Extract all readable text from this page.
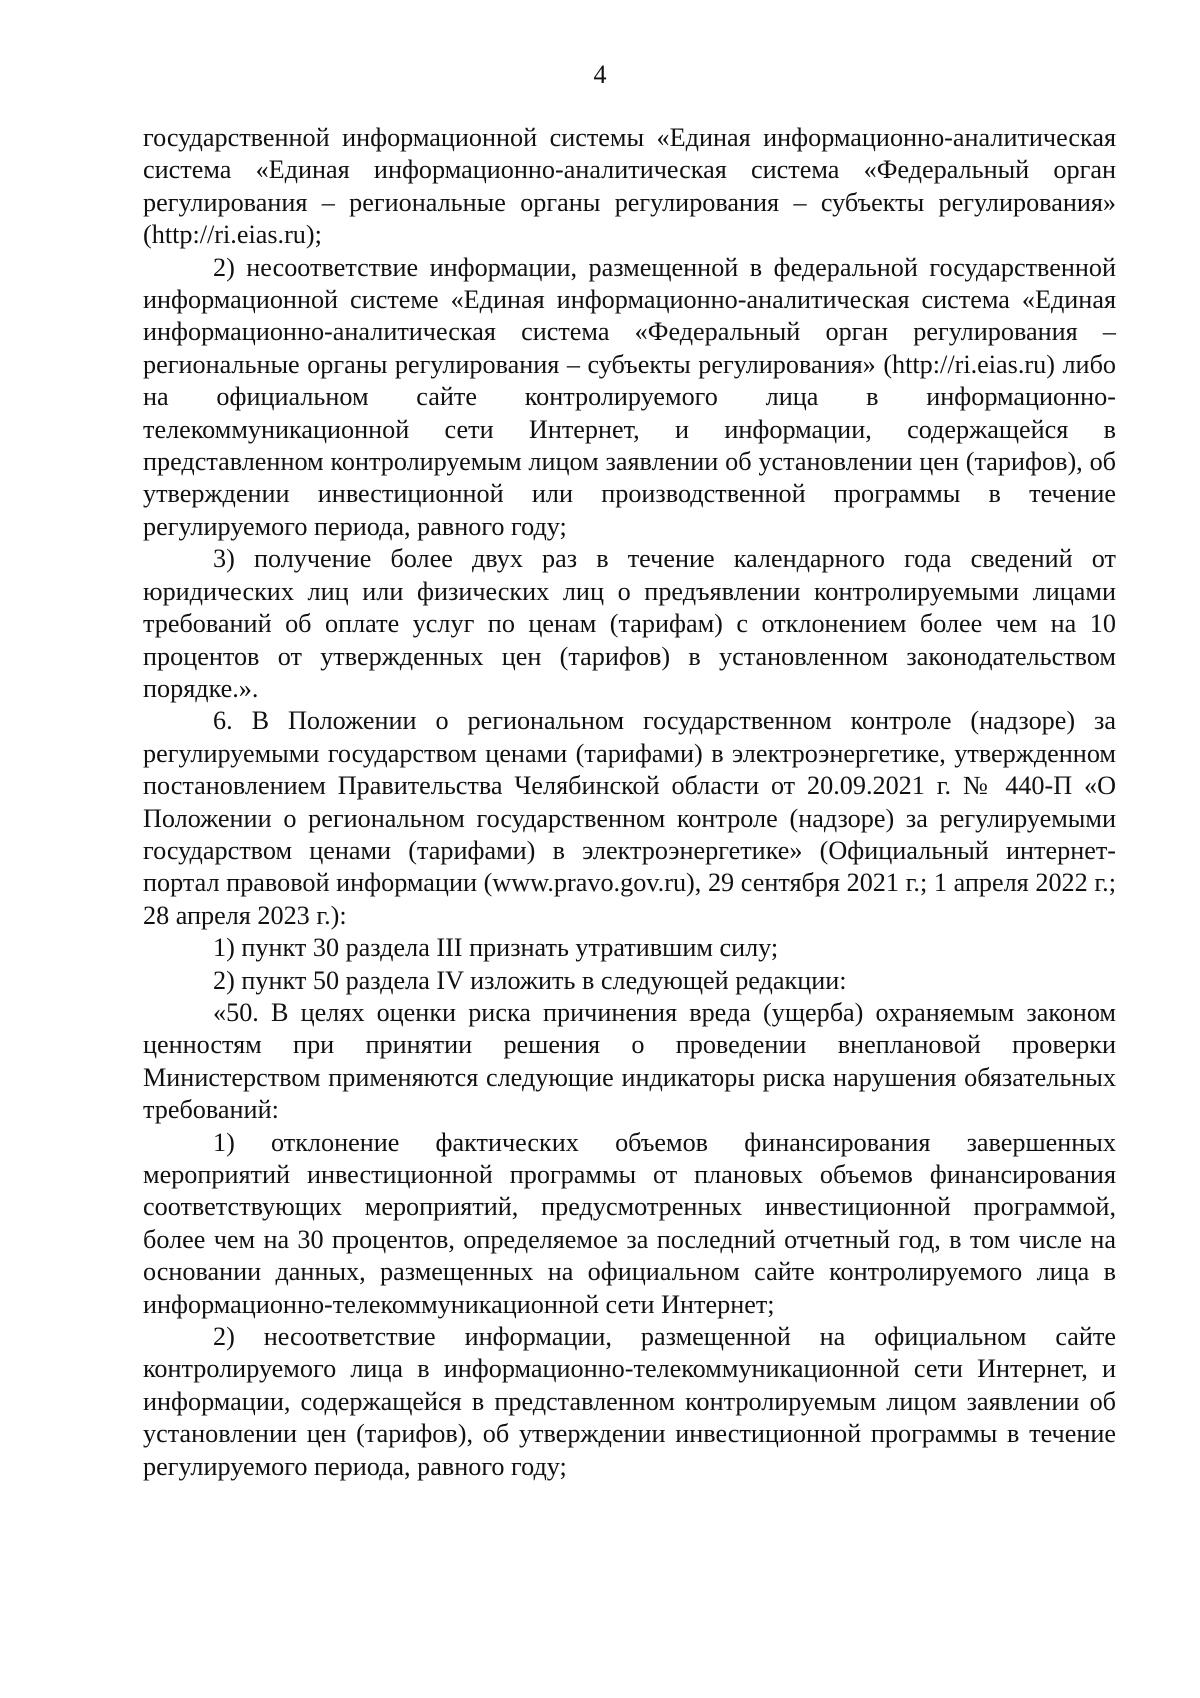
4

государственной информационной системы «Единая информационно-аналитическая система «Единая информационно-аналитическая система «Федеральный орган регулирования – региональные органы регулирования – субъекты регулирования» (http://ri.eias.ru);

2) несоответствие информации, размещенной в федеральной государственной информационной системе «Единая информационно-аналитическая система «Единая информационно-аналитическая система «Федеральный орган регулирования – региональные органы регулирования – субъекты регулирования» (http://ri.eias.ru) либо на официальном сайте контролируемого лица в информационно-телекоммуникационной сети Интернет, и информации, содержащейся в представленном контролируемым лицом заявлении об установлении цен (тарифов), об утверждении инвестиционной или производственной программы в течение регулируемого периода, равного году;

3) получение более двух раз в течение календарного года сведений от юридических лиц или физических лиц о предъявлении контролируемыми лицами требований об оплате услуг по ценам (тарифам) с отклонением более чем на 10 процентов от утвержденных цен (тарифов) в установленном законодательством порядке.».

6. В Положении о региональном государственном контроле (надзоре) за регулируемыми государством ценами (тарифами) в электроэнергетике, утвержденном постановлением Правительства Челябинской области от 20.09.2021 г. № 440-П «О Положении о региональном государственном контроле (надзоре) за регулируемыми государством ценами (тарифами) в электроэнергетике» (Официальный интернет-портал правовой информации (www.pravo.gov.ru), 29 сентября 2021 г.; 1 апреля 2022 г.; 28 апреля 2023 г.):

1) пункт 30 раздела III признать утратившим силу;

2) пункт 50 раздела IV изложить в следующей редакции:

«50. В целях оценки риска причинения вреда (ущерба) охраняемым законом ценностям при принятии решения о проведении внеплановой проверки Министерством применяются следующие индикаторы риска нарушения обязательных требований:

1) отклонение фактических объемов финансирования завершенных мероприятий инвестиционной программы от плановых объемов финансирования соответствующих мероприятий, предусмотренных инвестиционной программой, более чем на 30 процентов, определяемое за последний отчетный год, в том числе на основании данных, размещенных на официальном сайте контролируемого лица в информационно-телекоммуникационной сети Интернет;

2) несоответствие информации, размещенной на официальном сайте контролируемого лица в информационно-телекоммуникационной сети Интернет, и информации, содержащейся в представленном контролируемым лицом заявлении об установлении цен (тарифов), об утверждении инвестиционной программы в течение регулируемого периода, равного году;
